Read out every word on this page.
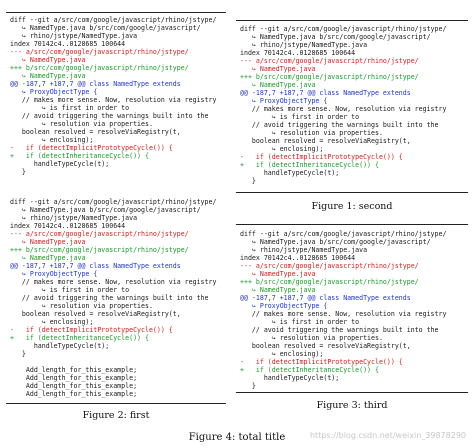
diff --git a/src/com/google/javascript/rhino/jstype/
↪ NamedType.java b/src/com/google/javascript/
↪ rhino/jstype/NamedType.java
index 70142c4..0128685 100644
--- a/src/com/google/javascript/rhino/jstype/
↪ NamedType.java
+++ b/src/com/google/javascript/rhino/jstype/
↪ NamedType.java
@@ -187,7 +187,7 @@ class NamedType extends
↪ ProxyObjectType {
// makes more sense. Now, resolution via registry
↪ is first in order to
// avoid triggering the warnings built into the
↪ resolution via properties.
boolean resolved = resolveViaRegistry(t,
↪ enclosing);
-   if (detectImplicitPrototypeCycle()) {
+   if (detectInheritanceCycle()) {
handleTypeCycle(t);
}
diff --git a/src/com/google/javascript/rhino/jstype/
↪ NamedType.java b/src/com/google/javascript/
↪ rhino/jstype/NamedType.java
index 70142c4..0128685 100644
--- a/src/com/google/javascript/rhino/jstype/
↪ NamedType.java
+++ b/src/com/google/javascript/rhino/jstype/
↪ NamedType.java
@@ -187,7 +187,7 @@ class NamedType extends
↪ ProxyObjectType {
// makes more sense. Now, resolution via registry
↪ is first in order to
// avoid triggering the warnings built into the
↪ resolution via properties.
boolean resolved = resolveViaRegistry(t,
↪ enclosing);
-   if (detectImplicitPrototypeCycle()) {
+   if (detectInheritanceCycle()) {
handleTypeCycle(t);
}
Add_length_for_this_example;
Add_length_for_this_example;
Add_length_for_this_example;
Add_length_for_this_example;
Figure 2: first
diff --git a/src/com/google/javascript/rhino/jstype/
↪ NamedType.java b/src/com/google/javascript/
↪ rhino/jstype/NamedType.java
index 70142c4..0128685 100644
--- a/src/com/google/javascript/rhino/jstype/
↪ NamedType.java
+++ b/src/com/google/javascript/rhino/jstype/
↪ NamedType.java
@@ -187,7 +187,7 @@ class NamedType extends
↪ ProxyObjectType {
// makes more sense. Now, resolution via registry
↪ is first in order to
// avoid triggering the warnings built into the
↪ resolution via properties.
boolean resolved = resolveViaRegistry(t,
↪ enclosing);
-   if (detectImplicitPrototypeCycle()) {
+   if (detectInheritanceCycle()) {
handleTypeCycle(t);
}
Figure 1: second
diff --git a/src/com/google/javascript/rhino/jstype/
↪ NamedType.java b/src/com/google/javascript/
↪ rhino/jstype/NamedType.java
index 70142c4..0128685 100644
--- a/src/com/google/javascript/rhino/jstype/
↪ NamedType.java
+++ b/src/com/google/javascript/rhino/jstype/
↪ NamedType.java
@@ -187,7 +187,7 @@ class NamedType extends
↪ ProxyObjectType {
// makes more sense. Now, resolution via registry
↪ is first in order to
// avoid triggering the warnings built into the
↪ resolution via properties.
boolean resolved = resolveViaRegistry(t,
↪ enclosing);
-   if (detectImplicitPrototypeCycle()) {
+   if (detectInheritanceCycle()) {
handleTypeCycle(t);
}
Figure 3: third
Figure 4: total title	https://blog.csdn.net/weixin_39878290
